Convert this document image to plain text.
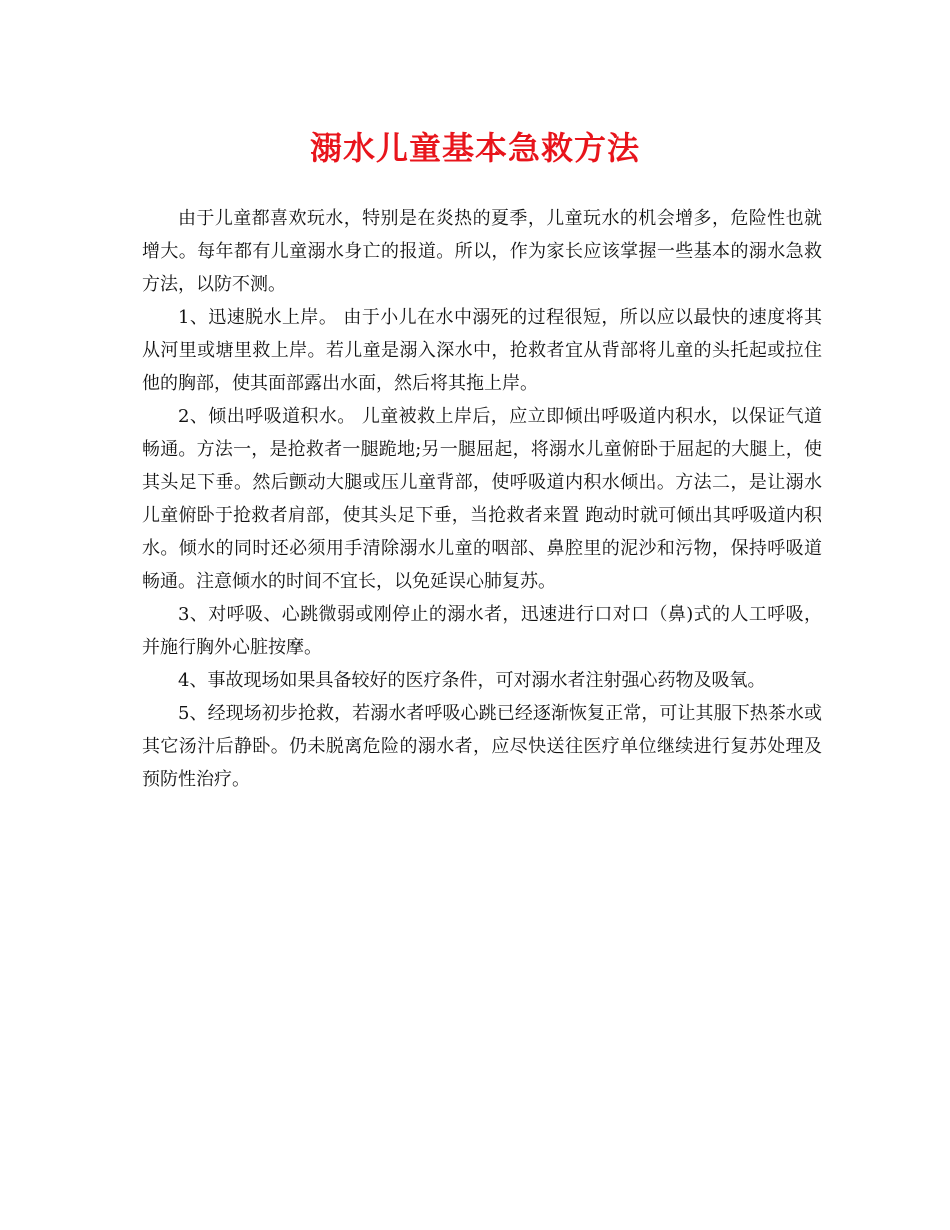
溺水儿童基本急救方法

由于儿童都喜欢玩水，特别是在炎热的夏季，儿童玩水的机会增多，危险性也就增大。每年都有儿童溺水身亡的报道。所以，作为家长应该掌握一些基本的溺水急救方法，以防不测。

1、迅速脱水上岸。 由于小儿在水中溺死的过程很短，所以应以最快的速度将其从河里或塘里救上岸。若儿童是溺入深水中，抢救者宜从背部将儿童的头托起或拉住他的胸部，使其面部露出水面，然后将其拖上岸。

2、倾出呼吸道积水。 儿童被救上岸后，应立即倾出呼吸道内积水，以保证气道畅通。方法一，是抢救者一腿跪地;另一腿屈起，将溺水儿童俯卧于屈起的大腿上，使其头足下垂。然后颤动大腿或压儿童背部，使呼吸道内积水倾出。方法二，是让溺水儿童俯卧于抢救者肩部，使其头足下垂，当抢救者来置 跑动时就可倾出其呼吸道内积水。倾水的同时还必须用手清除溺水儿童的咽部、鼻腔里的泥沙和污物，保持呼吸道畅通。注意倾水的时间不宜长，以免延误心肺复苏。

3、对呼吸、心跳微弱或刚停止的溺水者，迅速进行口对口（鼻)式的人工呼吸，并施行胸外心脏按摩。

4、事故现场如果具备较好的医疗条件，可对溺水者注射强心药物及吸氧。

5、经现场初步抢救，若溺水者呼吸心跳已经逐渐恢复正常，可让其服下热茶水或其它汤汁后静卧。仍未脱离危险的溺水者，应尽快送往医疗单位继续进行复苏处理及预防性治疗。
